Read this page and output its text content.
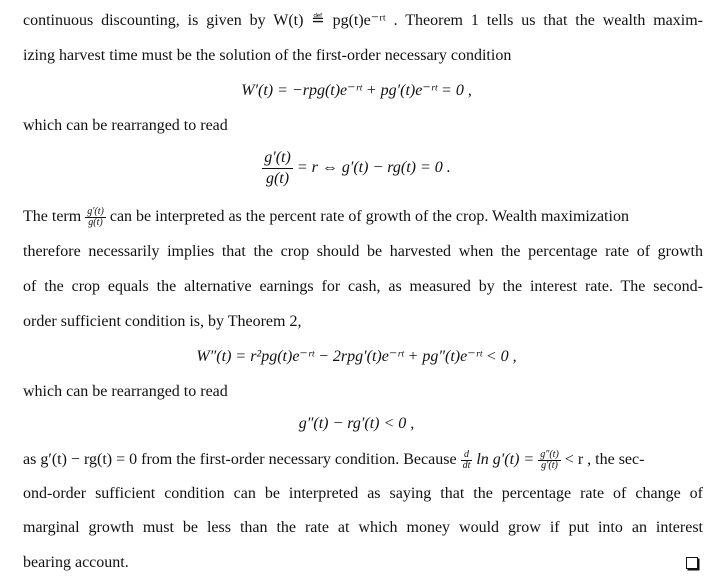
continuous discounting, is given by W(t) ≝ pg(t)e⁻ʳᵗ . Theorem 1 tells us that the wealth maxim-
izing harvest time must be the solution of the first-order necessary condition
W′(t) = −rpg(t)e⁻ʳᵗ + pg′(t)e⁻ʳᵗ = 0 ,
which can be rearranged to read
$\frac{g'(t)}{g(t)} = r$ ⇔ g′(t) − rg(t) = 0 .
The term $\frac{g'(t)}{g(t)}$ can be interpreted as the percent rate of growth of the crop. Wealth maximization
therefore necessarily implies that the crop should be harvested when the percentage rate of growth
of the crop equals the alternative earnings for cash, as measured by the interest rate. The second-
order sufficient condition is, by Theorem 2,
W″(t) = r²pg(t)e⁻ʳᵗ − 2rpg′(t)e⁻ʳᵗ + pg″(t)e⁻ʳᵗ < 0 ,
which can be rearranged to read
g″(t) − rg′(t) < 0 ,
as g′(t) − rg(t) = 0 from the first-order necessary condition. Because $\frac{d}{dt}$ $\ln g'(t) = \frac{g''(t)}{g'(t)} < r$ , the sec-
ond-order sufficient condition can be interpreted as saying that the percentage rate of change of
marginal growth must be less than the rate at which money would grow if put into an interest
bearing account.
